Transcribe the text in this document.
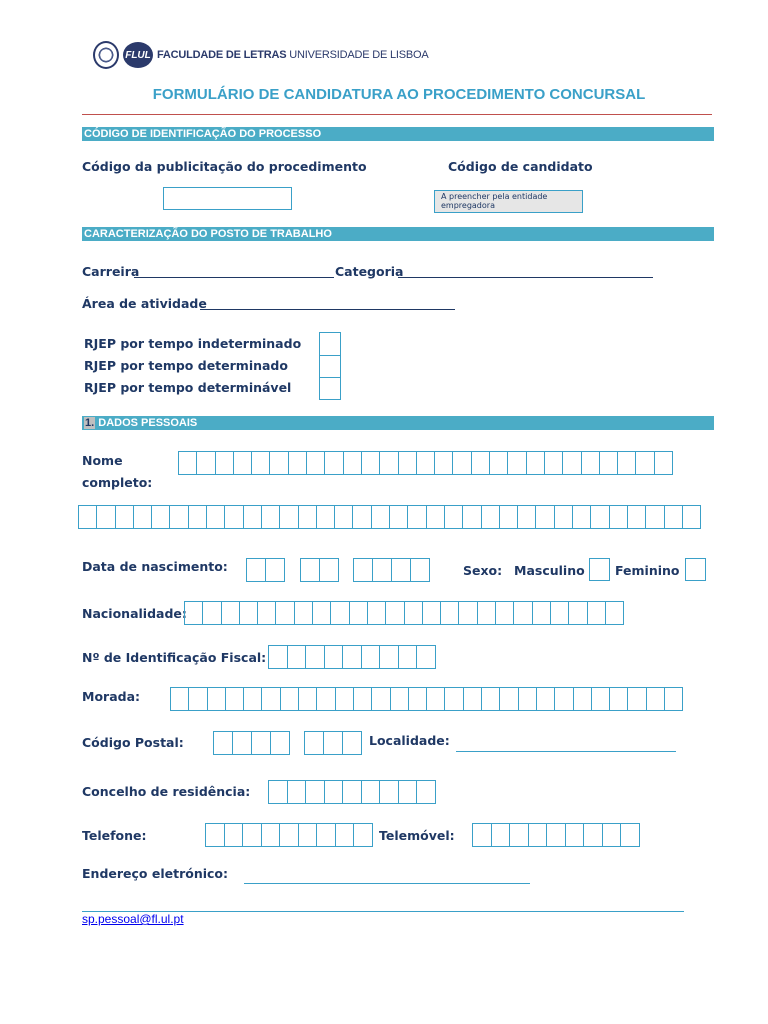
FLUL FACULDADE DE LETRAS UNIVERSIDADE DE LISBOA
FORMULÁRIO DE CANDIDATURA AO PROCEDIMENTO CONCURSAL
CÓDIGO DE IDENTIFICAÇÃO DO PROCESSO
Código da publicitação do procedimento	Código de candidato
A preencher pela entidade empregadora
CARACTERIZAÇÃO DO POSTO DE TRABALHO
Carreira	Categoria
Área de atividade
RJEP por tempo indeterminado
RJEP por tempo determinado
RJEP por tempo determinável
1. DADOS PESSOAIS
Nome
completo:
Data de nascimento:	Sexo: Masculino Feminino
Nacionalidade:
Nº de Identificação Fiscal:
Morada:
Código Postal:	Localidade:
Concelho de residência:
Telefone:	Telemóvel:
Endereço eletrónico:
sp.pessoal@fl.ul.pt
